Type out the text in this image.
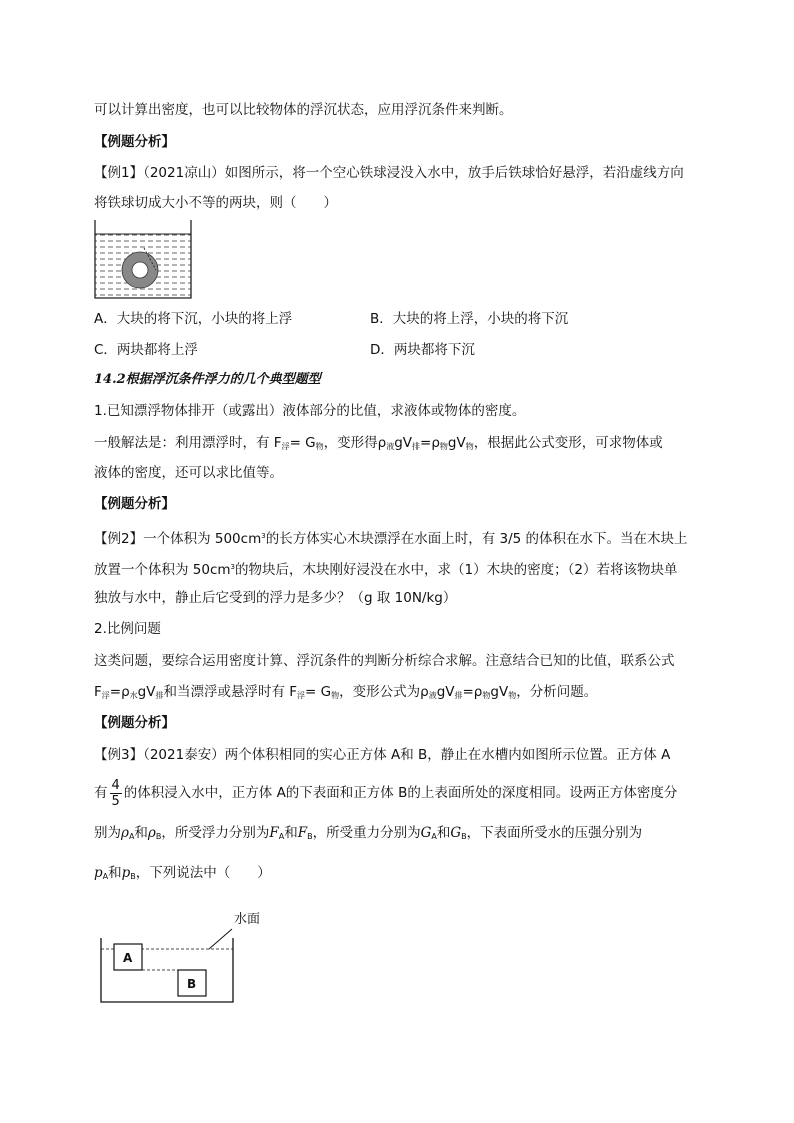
可以计算出密度，也可以比较物体的浮沉状态，应用浮沉条件来判断。
【例题分析】
【例1】（2021凉山）如图所示，将一个空心铁球浸没入水中，放手后铁球恰好悬浮，若沿虚线方向
将铁球切成大小不等的两块，则（　　）
A．大块的将下沉，小块的将上浮	B．大块的将上浮，小块的将下沉
C．两块都将上浮	D．两块都将下沉
14.2根据浮沉条件浮力的几个典型题型
1.已知漂浮物体排开（或露出）液体部分的比值，求液体或物体的密度。
一般解法是：利用漂浮时，有 $F_浮= G_物$，变形得$\rho_液gV_排=\rho_物gV_物$，根据此公式变形，可求物体或
液体的密度，还可以求比值等。
【例题分析】
【例2】一个体积为 $500cm^3$的长方体实心木块漂浮在水面上时，有 3/5 的体积在水下。当在木块上
放置一个体积为 $50cm^3$的物块后，木块刚好浸没在水中，求（1）木块的密度；（2）若将该物块单
独放与水中，静止后它受到的浮力是多少？（g 取 10N/kg）
2.比例问题
这类问题，要综合运用密度计算、浮沉条件的判断分析综合求解。注意结合已知的比值，联系公式
$F_浮=\rho_水gV_排$和当漂浮或悬浮时有 $F_浮= G_物$，变形公式为$\rho_液gV_排=\rho_物gV_物$，分析问题。
【例题分析】
【例3】（2021泰安）两个体积相同的实心正方体 A和 B，静止在水槽内如图所示位置。正方体 A
有 $\frac{4}{5}$ 的体积浸入水中，正方体 A的下表面和正方体 B的上表面所处的深度相同。设两正方体密度分
别为$\rho_A$和$\rho_B$，所受浮力分别为$F_A$和$F_B$，所受重力分别为$G_A$和$G_B$，下表面所受水的压强分别为
$p_A$和$p_B$，下列说法中（　　）
水面
A
B
